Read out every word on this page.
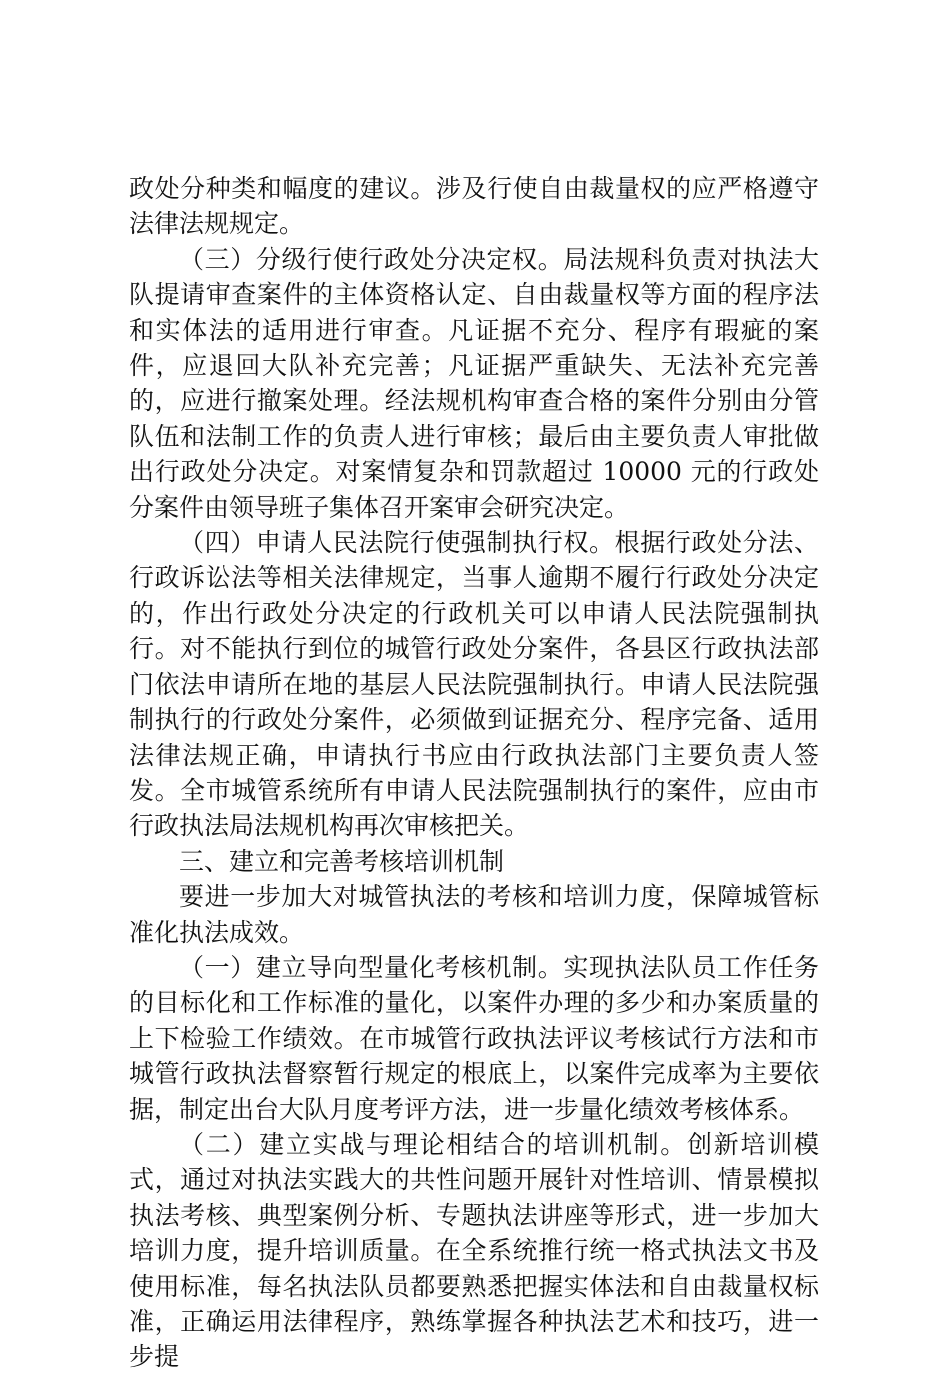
政处分种类和幅度的建议。涉及行使自由裁量权的应严格遵守法律法规规定。

（三）分级行使行政处分决定权。局法规科负责对执法大队提请审查案件的主体资格认定、自由裁量权等方面的程序法和实体法的适用进行审查。凡证据不充分、程序有瑕疵的案件，应退回大队补充完善；凡证据严重缺失、无法补充完善的，应进行撤案处理。经法规机构审查合格的案件分别由分管队伍和法制工作的负责人进行审核；最后由主要负责人审批做出行政处分决定。对案情复杂和罚款超过 10000 元的行政处分案件由领导班子集体召开案审会研究决定。

（四）申请人民法院行使强制执行权。根据行政处分法、行政诉讼法等相关法律规定，当事人逾期不履行行政处分决定的，作出行政处分决定的行政机关可以申请人民法院强制执行。对不能执行到位的城管行政处分案件，各县区行政执法部门依法申请所在地的基层人民法院强制执行。申请人民法院强制执行的行政处分案件，必须做到证据充分、程序完备、适用法律法规正确，申请执行书应由行政执法部门主要负责人签发。全市城管系统所有申请人民法院强制执行的案件，应由市行政执法局法规机构再次审核把关。

三、建立和完善考核培训机制

要进一步加大对城管执法的考核和培训力度，保障城管标准化执法成效。

（一）建立导向型量化考核机制。实现执法队员工作任务的目标化和工作标准的量化，以案件办理的多少和办案质量的上下检验工作绩效。在市城管行政执法评议考核试行方法和市城管行政执法督察暂行规定的根底上，以案件完成率为主要依据，制定出台大队月度考评方法，进一步量化绩效考核体系。

（二）建立实战与理论相结合的培训机制。创新培训模式，通过对执法实践大的共性问题开展针对性培训、情景模拟执法考核、典型案例分析、专题执法讲座等形式，进一步加大培训力度，提升培训质量。在全系统推行统一格式执法文书及使用标准，每名执法队员都要熟悉把握实体法和自由裁量权标准，正确运用法律程序，熟练掌握各种执法艺术和技巧，进一步提
